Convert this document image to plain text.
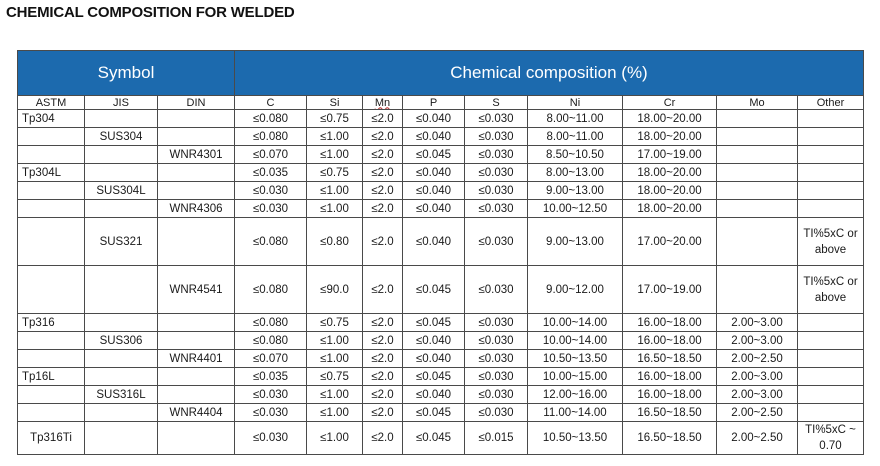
CHEMICAL COMPOSITION FOR WELDED
Symbol			Chemical composition (%)								
ASTM	JIS	DIN	C	Si	Mn	P	S	Ni	Cr	Mo	Other
Tp304			≤0.080	≤0.75	≤2.0	≤0.040	≤0.030	8.00~11.00	18.00~20.00		
	SUS304		≤0.080	≤1.00	≤2.0	≤0.040	≤0.030	8.00~11.00	18.00~20.00		
		WNR4301	≤0.070	≤1.00	≤2.0	≤0.045	≤0.030	8.50~10.50	17.00~19.00		
Tp304L			≤0.035	≤0.75	≤2.0	≤0.040	≤0.030	8.00~13.00	18.00~20.00		
	SUS304L		≤0.030	≤1.00	≤2.0	≤0.040	≤0.030	9.00~13.00	18.00~20.00		
		WNR4306	≤0.030	≤1.00	≤2.0	≤0.040	≤0.030	10.00~12.50	18.00~20.00		
	SUS321		≤0.080	≤0.80	≤2.0	≤0.040	≤0.030	9.00~13.00	17.00~20.00		TI%5xC or above
		WNR4541	≤0.080	≤90.0	≤2.0	≤0.045	≤0.030	9.00~12.00	17.00~19.00		TI%5xC or above
Tp316			≤0.080	≤0.75	≤2.0	≤0.045	≤0.030	10.00~14.00	16.00~18.00	2.00~3.00	
	SUS306		≤0.080	≤1.00	≤2.0	≤0.040	≤0.030	10.00~14.00	16.00~18.00	2.00~3.00	
		WNR4401	≤0.070	≤1.00	≤2.0	≤0.040	≤0.030	10.50~13.50	16.50~18.50	2.00~2.50	
Tp16L			≤0.035	≤0.75	≤2.0	≤0.045	≤0.030	10.00~15.00	16.00~18.00	2.00~3.00	
	SUS316L		≤0.030	≤1.00	≤2.0	≤0.040	≤0.030	12.00~16.00	16.00~18.00	2.00~3.00	
		WNR4404	≤0.030	≤1.00	≤2.0	≤0.045	≤0.030	11.00~14.00	16.50~18.50	2.00~2.50	
Tp316Ti			≤0.030	≤1.00	≤2.0	≤0.045	≤0.015	10.50~13.50	16.50~18.50	2.00~2.50	TI%5xC ~ 0.70
